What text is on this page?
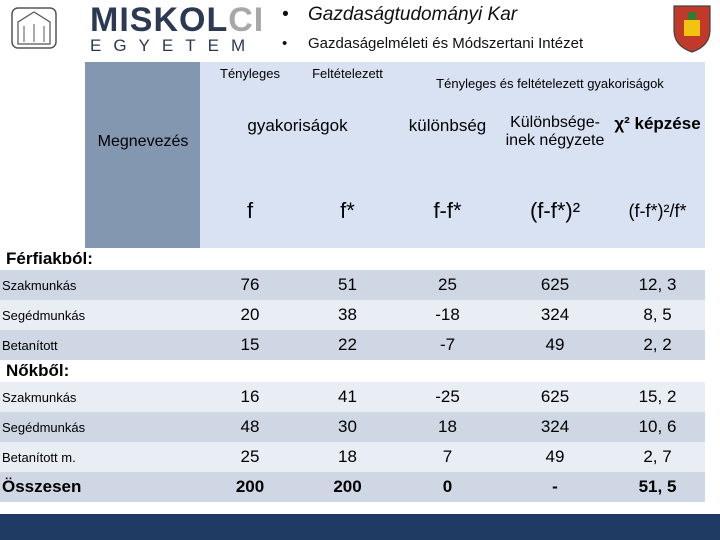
MISKOLCI
EGYETEM
• Gazdaságtudományi Kar
• Gazdaságelméleti és Módszertani Intézet
Megnevezés
	Tényleges	Feltételezett	Tényleges és feltételezett gyakoriságok		
	gyakoriságok		különbség	Különbsége-inek négyzete	χ² képzése
	f	f*	f-f*	(f-f*)²	(f-f*)²/f*
Férfiakból:
Szakmunkás	76	51	25	625	12, 3
Segédmunkás	20	38	-18	324	8, 5
Betanított	15	22	-7	49	2, 2
Nőkből:
Szakmunkás	16	41	-25	625	15, 2
Segédmunkás	48	30	18	324	10, 6
Betanított m.	25	18	7	49	2, 7
Összesen	200	200	0	-	51, 5
